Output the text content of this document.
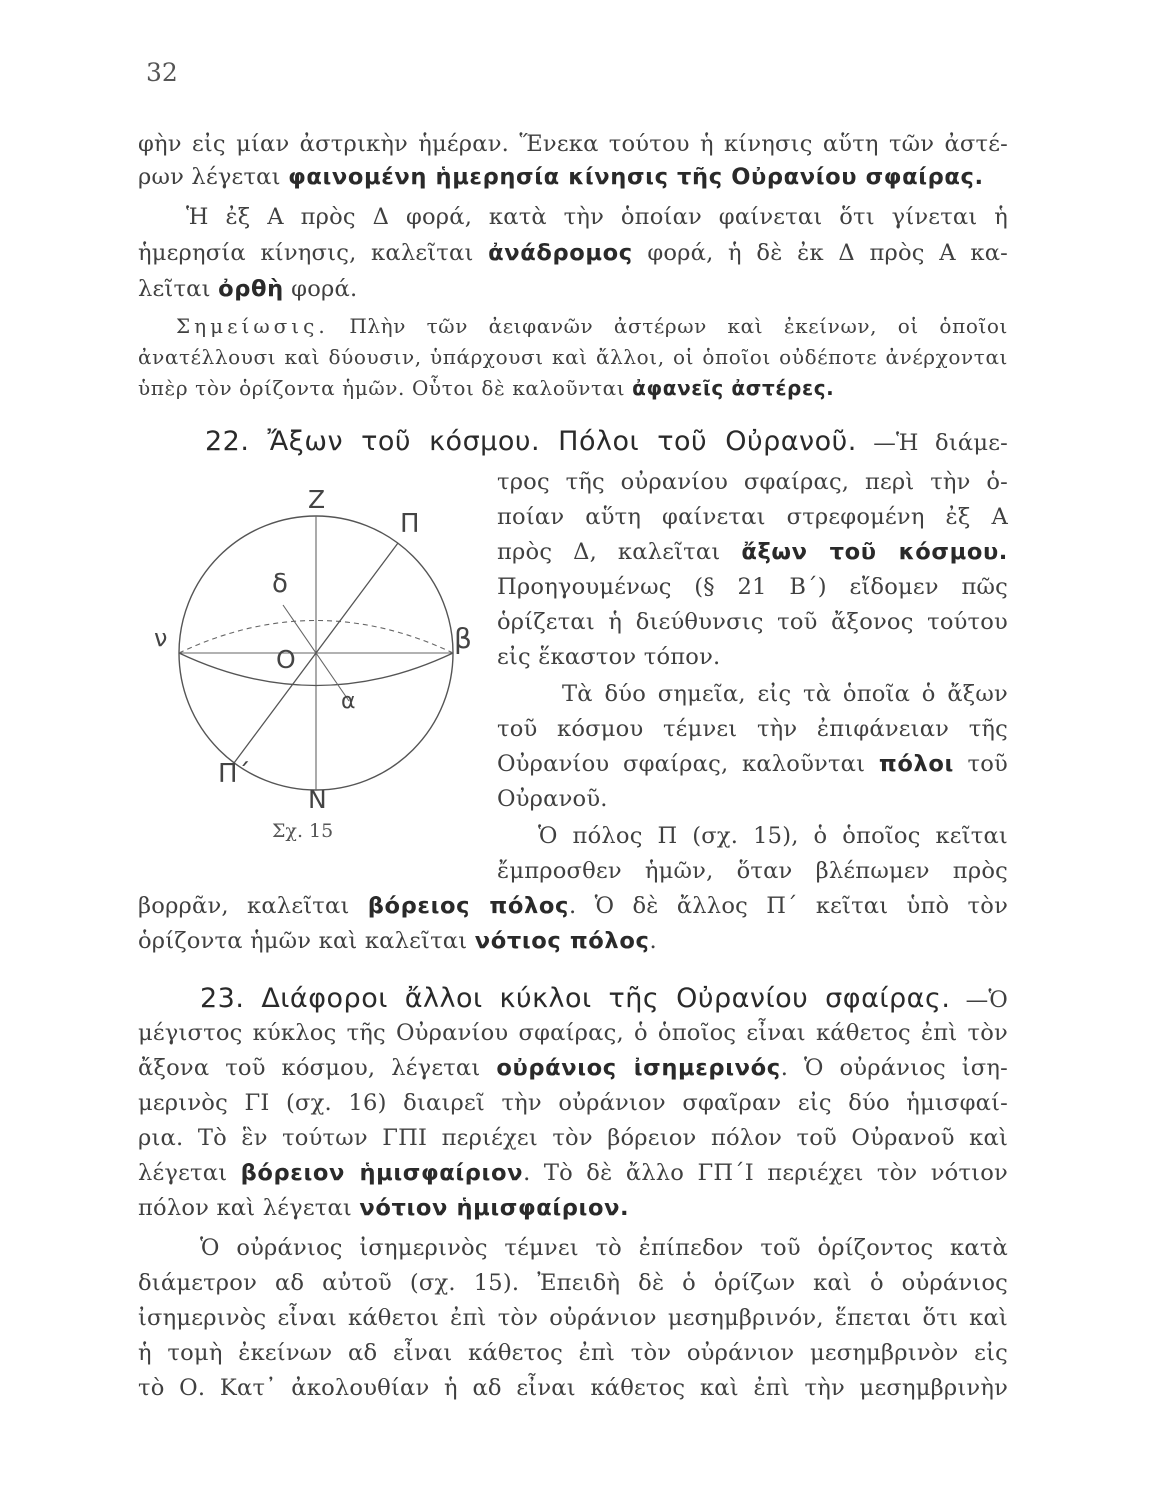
32
φὴν εἰς μίαν ἀστρικὴν ἡμέραν. Ἕνεκα τούτου ἡ κίνησις αὕτη τῶν ἀστέ-
ρων λέγεται φαινομένη ἡμερησία κίνησις τῆς Οὐρανίου σφαίρας.
Ἡ ἐξ Α πρὸς Δ φορά, κατὰ τὴν ὁποίαν φαίνεται ὅτι γίνεται ἡ
ἡμερησία κίνησις, καλεῖται ἀνάδρομος φορά, ἡ δὲ ἐκ Δ πρὸς Α κα-
λεῖται ὀρθὴ φορά.
Σημείωσις. Πλὴν τῶν ἀειφανῶν ἀστέρων καὶ ἐκείνων, οἱ ὁποῖοι
ἀνατέλλουσι καὶ δύουσιν, ὑπάρχουσι καὶ ἄλλοι, οἱ ὁποῖοι οὐδέποτε ἀνέρχονται
ὑπὲρ τὸν ὁρίζοντα ἡμῶν. Οὗτοι δὲ καλοῦνται ἀφανεῖς ἀστέρες.
22. Ἄξων τοῦ κόσμου. Πόλοι τοῦ Οὐρανοῦ. —Ἡ διάμε-
τρος τῆς οὐρανίου σφαίρας, περὶ τὴν ὁ-
ποίαν αὕτη φαίνεται στρεφομένη ἐξ Α
πρὸς Δ, καλεῖται ἄξων τοῦ κόσμου.
Προηγουμένως (§ 21 Β΄) εἴδομεν πῶς
ὁρίζεται ἡ διεύθυνσις τοῦ ἄξονος τούτου
εἰς ἕκαστον τόπον.
Τὰ δύο σημεῖα, εἰς τὰ ὁποῖα ὁ ἄξων
τοῦ κόσμου τέμνει τὴν ἐπιφάνειαν τῆς
Οὐρανίου σφαίρας, καλοῦνται πόλοι τοῦ
Οὐρανοῦ.
Ὁ πόλος Π (σχ. 15), ὁ ὁποῖος κεῖται
ἔμπροσθεν ἡμῶν, ὅταν βλέπωμεν πρὸς
βορρᾶν, καλεῖται βόρειος πόλος. Ὁ δὲ ἄλλος Π΄ κεῖται ὑπὸ τὸν
ὁρίζοντα ἡμῶν καὶ καλεῖται νότιος πόλος.
Z
N
Π
Π΄
ν	β
δ
α
O
Σχ. 15
23. Διάφοροι ἄλλοι κύκλοι τῆς Οὐρανίου σφαίρας. —Ὁ
μέγιστος κύκλος τῆς Οὐρανίου σφαίρας, ὁ ὁποῖος εἶναι κάθετος ἐπὶ τὸν
ἄξονα τοῦ κόσμου, λέγεται οὐράνιος ἰσημερινός. Ὁ οὐράνιος ἰση-
μερινὸς ΓΙ (σχ. 16) διαιρεῖ τὴν οὐράνιον σφαῖραν εἰς δύο ἡμισφαί-
ρια. Τὸ ἓν τούτων ΓΠΙ περιέχει τὸν βόρειον πόλον τοῦ Οὐρανοῦ καὶ
λέγεται βόρειον ἡμισφαίριον. Τὸ δὲ ἄλλο ΓΠ΄Ι περιέχει τὸν νότιον
πόλον καὶ λέγεται νότιον ἡμισφαίριον.
Ὁ οὐράνιος ἰσημερινὸς τέμνει τὸ ἐπίπεδον τοῦ ὁρίζοντος κατὰ
διάμετρον αδ αὐτοῦ (σχ. 15). Ἐπειδὴ δὲ ὁ ὁρίζων καὶ ὁ οὐράνιος
ἰσημερινὸς εἶναι κάθετοι ἐπὶ τὸν οὐράνιον μεσημβρινόν, ἕπεται ὅτι καὶ
ἡ τομὴ ἐκείνων αδ εἶναι κάθετος ἐπὶ τὸν οὐράνιον μεσημβρινὸν εἰς
τὸ Ο. Κατ᾽ ἀκολουθίαν ἡ αδ εἶναι κάθετος καὶ ἐπὶ τὴν μεσημβρινὴν
